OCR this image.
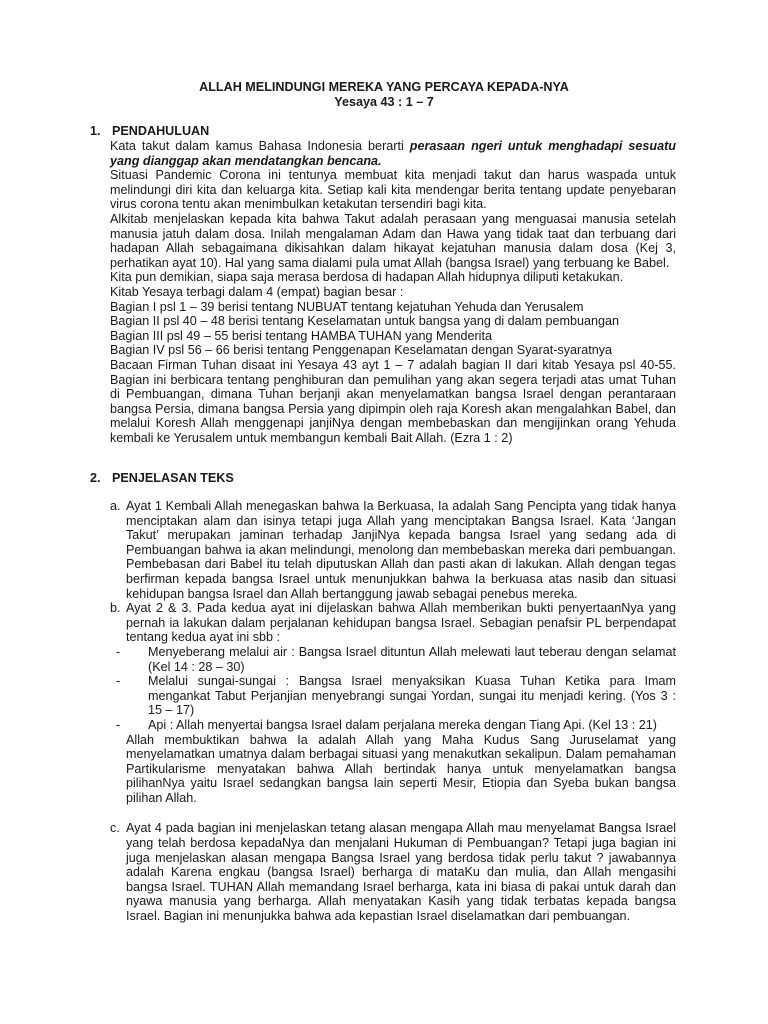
ALLAH MELINDUNGI MEREKA YANG PERCAYA KEPADA-NYA
Yesaya 43 : 1 – 7
1. PENDAHULUAN

Kata takut dalam kamus Bahasa Indonesia berarti perasaan ngeri untuk menghadapi sesuatu yang dianggap akan mendatangkan bencana.

Situasi Pandemic Corona ini tentunya membuat kita menjadi takut dan harus waspada untuk melindungi diri kita dan keluarga kita. Setiap kali kita mendengar berita tentang update penyebaran virus corona tentu akan menimbulkan ketakutan tersendiri bagi kita.

Alkitab menjelaskan kepada kita bahwa Takut adalah perasaan yang menguasai manusia setelah manusia jatuh dalam dosa. Inilah mengalaman Adam dan Hawa yang tidak taat dan terbuang dari hadapan Allah sebagaimana dikisahkan dalam hikayat kejatuhan manusia dalam dosa (Kej 3, perhatikan ayat 10). Hal yang sama dialami pula umat Allah (bangsa Israel) yang terbuang ke Babel.

Kita pun demikian, siapa saja merasa berdosa di hadapan Allah hidupnya diliputi ketakukan.

Kitab Yesaya terbagi dalam 4 (empat) bagian besar :

Bagian I psl 1 – 39 berisi tentang NUBUAT tentang kejatuhan Yehuda dan Yerusalem

Bagian II psl 40 – 48 berisi tentang Keselamatan untuk bangsa yang di dalam pembuangan

Bagian III psl 49 – 55 berisi tentang HAMBA TUHAN yang Menderita

Bagian IV psl 56 – 66 berisi tentang Penggenapan Keselamatan dengan Syarat-syaratnya

Bacaan Firman Tuhan disaat ini Yesaya 43 ayt 1 – 7 adalah bagian II dari kitab Yesaya psl 40-55. Bagian ini berbicara tentang penghiburan dan pemulihan yang akan segera terjadi atas umat Tuhan di Pembuangan, dimana Tuhan berjanji akan menyelamatkan bangsa Israel dengan perantaraan bangsa Persia, dimana bangsa Persia yang dipimpin oleh raja Koresh akan mengalahkan Babel, dan melalui Koresh Allah menggenapi janjiNya dengan membebaskan dan mengijinkan orang Yehuda kembali ke Yerusalem untuk membangun kembali Bait Allah. (Ezra 1 : 2)

2. PENJELASAN TEKS
a. Ayat 1 Kembali Allah menegaskan bahwa Ia Berkuasa, Ia adalah Sang Pencipta yang tidak hanya menciptakan alam dan isinya tetapi juga Allah yang menciptakan Bangsa Israel. Kata ‘Jangan Takut’ merupakan jaminan terhadap JanjiNya kepada bangsa Israel yang sedang ada di Pembuangan bahwa ia akan melindungi, menolong dan membebaskan mereka dari pembuangan. Pembebasan dari Babel itu telah diputuskan Allah dan pasti akan di lakukan. Allah dengan tegas berfirman kepada bangsa Israel untuk menunjukkan bahwa Ia berkuasa atas nasib dan situasi kehidupan bangsa Israel dan Allah bertanggung jawab sebagai penebus mereka.

b. Ayat 2 & 3. Pada kedua ayat ini dijelaskan bahwa Allah memberikan bukti penyertaanNya yang pernah ia lakukan dalam perjalanan kehidupan bangsa Israel. Sebagian penafsir PL berpendapat tentang kedua ayat ini sbb :

- Menyeberang melalui air : Bangsa Israel dituntun Allah melewati laut teberau dengan selamat (Kel 14 : 28 – 30)

- Melalui sungai-sungai : Bangsa Israel menyaksikan Kuasa Tuhan Ketika para Imam mengankat Tabut Perjanjian menyebrangi sungai Yordan, sungai itu menjadi kering. (Yos 3 : 15 – 17)

- Api : Allah menyertai bangsa Israel dalam perjalana mereka dengan Tiang Api. (Kel 13 : 21)

Allah membuktikan bahwa Ia adalah Allah yang Maha Kudus Sang Juruselamat yang menyelamatkan umatnya dalam berbagai situasi yang menakutkan sekalipun. Dalam pemahaman Partikularisme menyatakan bahwa Allah bertindak hanya untuk menyelamatkan bangsa pilihanNya yaitu Israel sedangkan bangsa lain seperti Mesir, Etiopia dan Syeba bukan bangsa pilihan Allah.

c. Ayat 4 pada bagian ini menjelaskan tetang alasan mengapa Allah mau menyelamat Bangsa Israel yang telah berdosa kepadaNya dan menjalani Hukuman di Pembuangan? Tetapi juga bagian ini juga menjelaskan alasan mengapa Bangsa Israel yang berdosa tidak perlu takut ? jawabannya adalah Karena engkau (bangsa Israel) berharga di mataKu dan mulia, dan Allah mengasihi bangsa Israel. TUHAN Allah memandang Israel berharga, kata ini biasa di pakai untuk darah dan nyawa manusia yang berharga. Allah menyatakan Kasih yang tidak terbatas kepada bangsa Israel. Bagian ini menunjukka bahwa ada kepastian Israel diselamatkan dari pembuangan.
